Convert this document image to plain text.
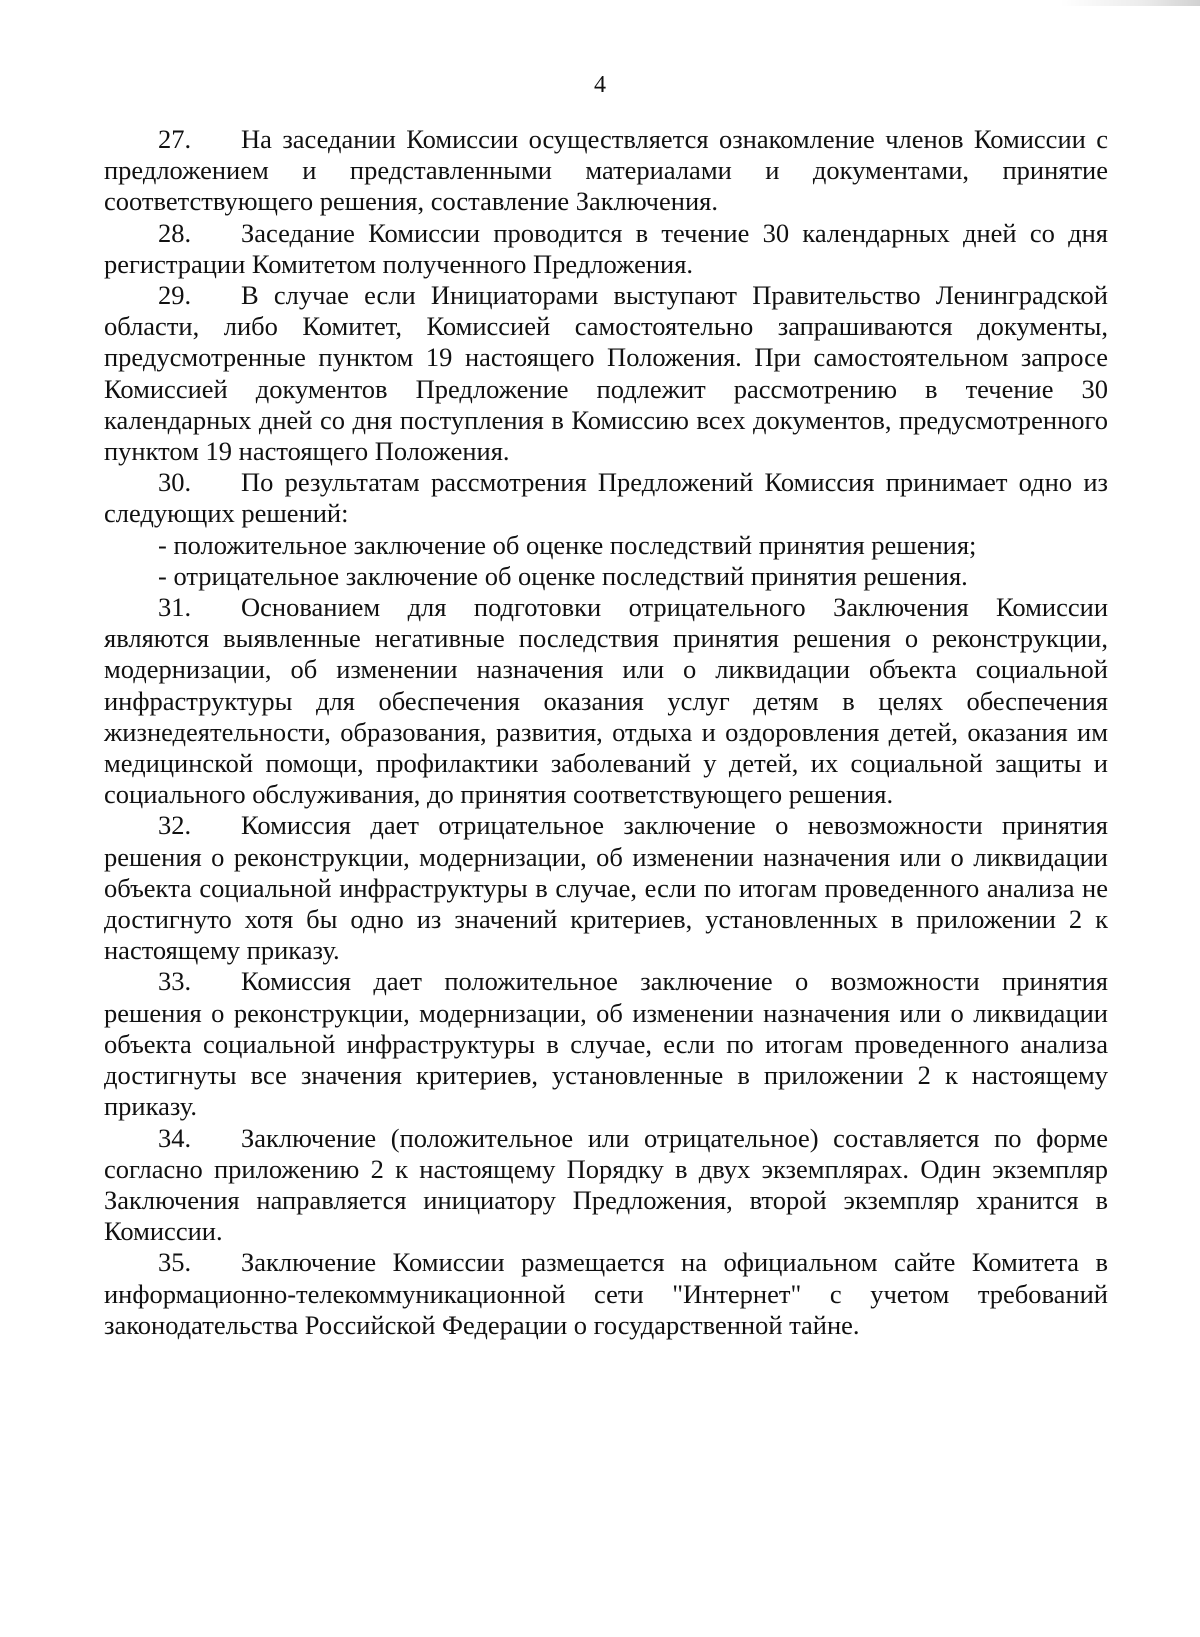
4

27. На заседании Комиссии осуществляется ознакомление членов Комиссии с предложением и представленными материалами и документами, принятие соответствующего решения, составление Заключения.

28. Заседание Комиссии проводится в течение 30 календарных дней со дня регистрации Комитетом полученного Предложения.

29. В случае если Инициаторами выступают Правительство Ленинградской области, либо Комитет, Комиссией самостоятельно запрашиваются документы, предусмотренные пунктом 19 настоящего Положения. При самостоятельном запросе Комиссией документов Предложение подлежит рассмотрению в течение 30 календарных дней со дня поступления в Комиссию всех документов, предусмотренного пунктом 19 настоящего Положения.

30. По результатам рассмотрения Предложений Комиссия принимает одно из следующих решений:

- положительное заключение об оценке последствий принятия решения;

- отрицательное заключение об оценке последствий принятия решения.

31. Основанием для подготовки отрицательного Заключения Комиссии являются выявленные негативные последствия принятия решения о реконструкции, модернизации, об изменении назначения или о ликвидации объекта социальной инфраструктуры для обеспечения оказания услуг детям в целях обеспечения жизнедеятельности, образования, развития, отдыха и оздоровления детей, оказания им медицинской помощи, профилактики заболеваний у детей, их социальной защиты и социального обслуживания, до принятия соответствующего решения.

32. Комиссия дает отрицательное заключение о невозможности принятия решения о реконструкции, модернизации, об изменении назначения или о ликвидации объекта социальной инфраструктуры в случае, если по итогам проведенного анализа не достигнуто хотя бы одно из значений критериев, установленных в приложении 2 к настоящему приказу.

33. Комиссия дает положительное заключение о возможности принятия решения о реконструкции, модернизации, об изменении назначения или о ликвидации объекта социальной инфраструктуры в случае, если по итогам проведенного анализа достигнуты все значения критериев, установленные в приложении 2 к настоящему приказу.

34. Заключение (положительное или отрицательное) составляется по форме согласно приложению 2 к настоящему Порядку в двух экземплярах. Один экземпляр Заключения направляется инициатору Предложения, второй экземпляр хранится в Комиссии.

35. Заключение Комиссии размещается на официальном сайте Комитета в информационно-телекоммуникационной сети "Интернет" с учетом требований законодательства Российской Федерации о государственной тайне.
